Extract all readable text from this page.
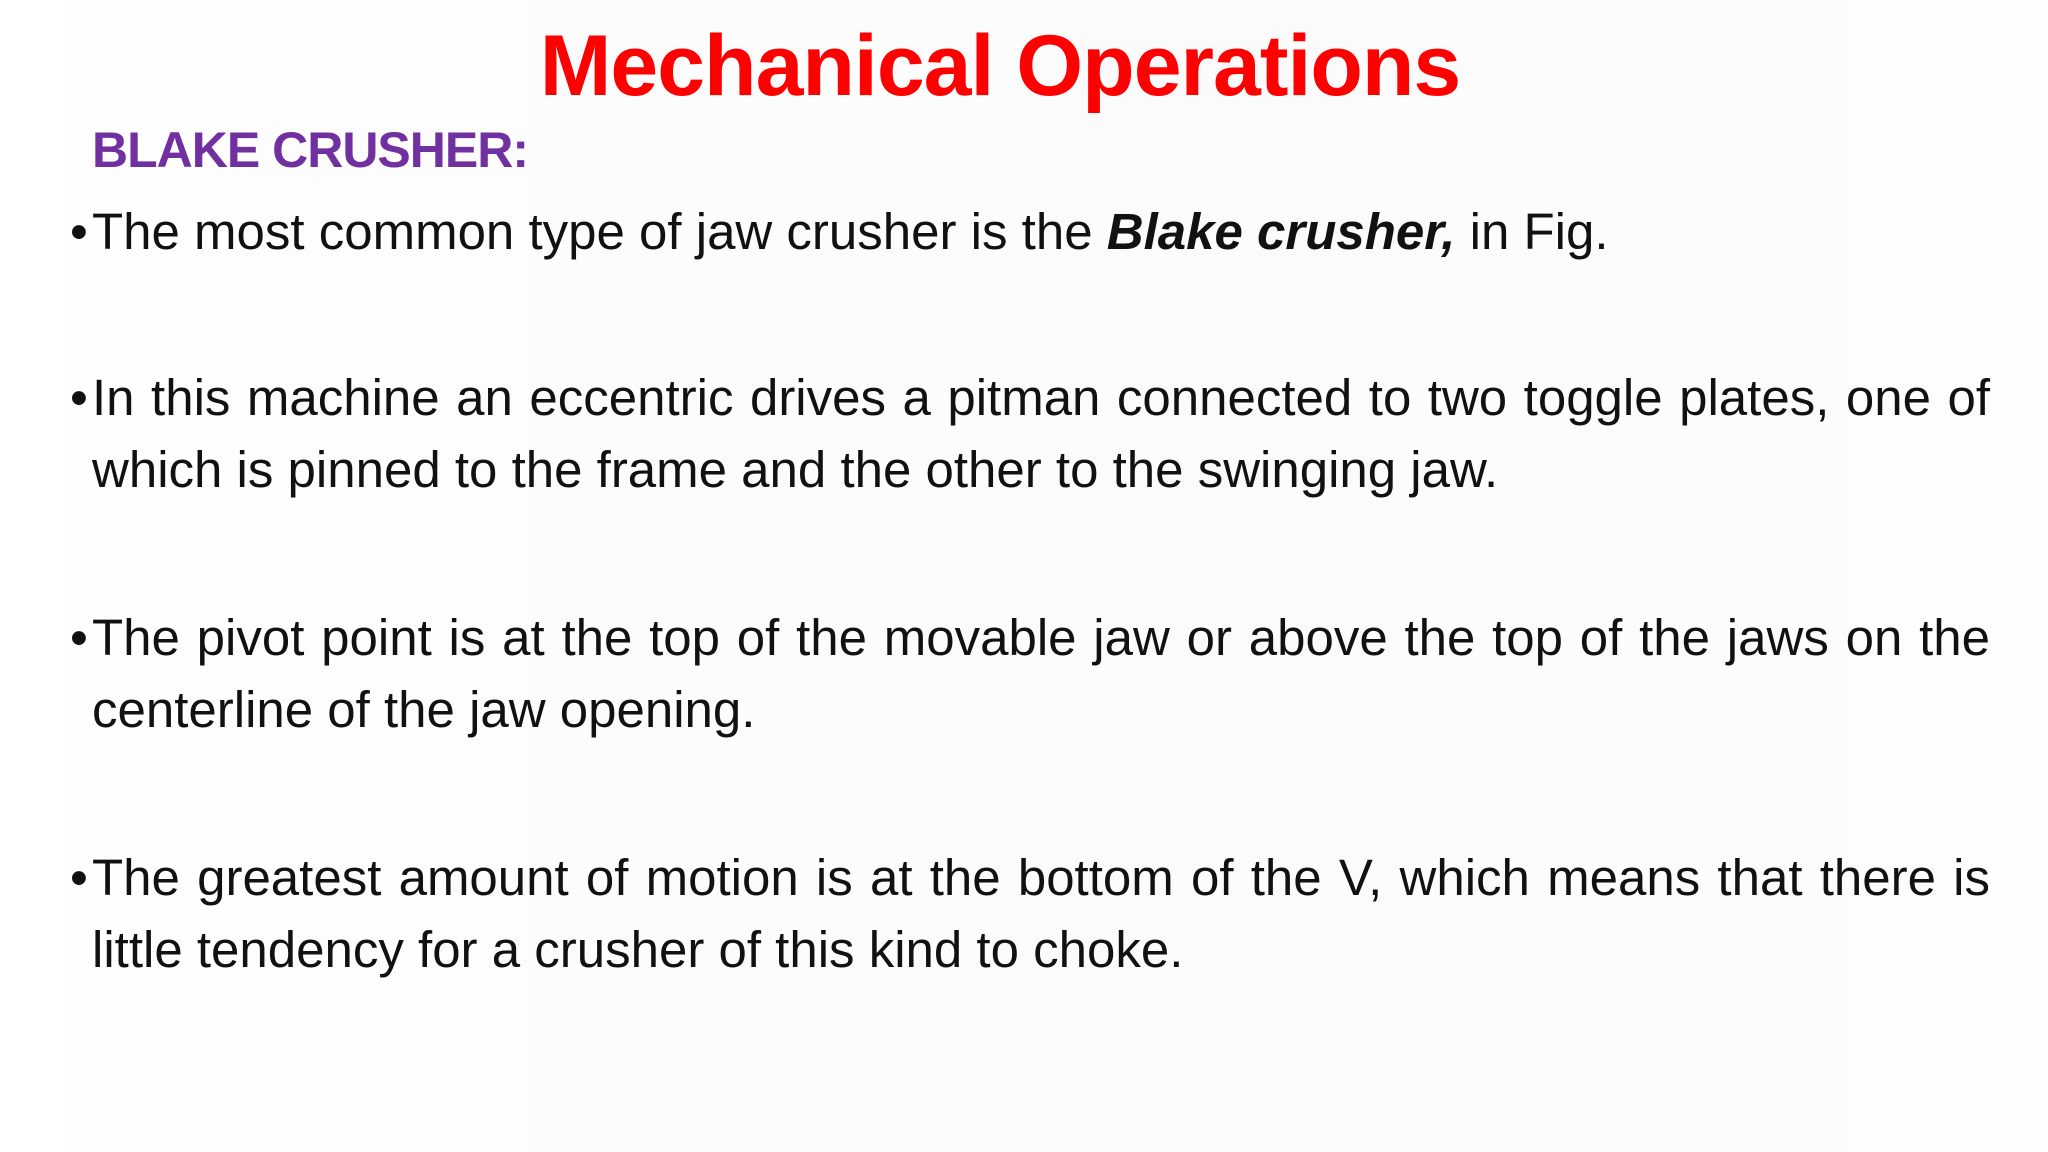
Mechanical Operations
BLAKE CRUSHER:
• The most common type of jaw crusher is the Blake crusher, in Fig.
• In this machine an eccentric drives a pitman connected to two toggle plates, one of which is pinned to the frame and the other to the swinging jaw.
• The pivot point is at the top of the movable jaw or above the top of the jaws on the centerline of the jaw opening.
• The greatest amount of motion is at the bottom of the V, which means that there is little tendency for a crusher of this kind to choke.
